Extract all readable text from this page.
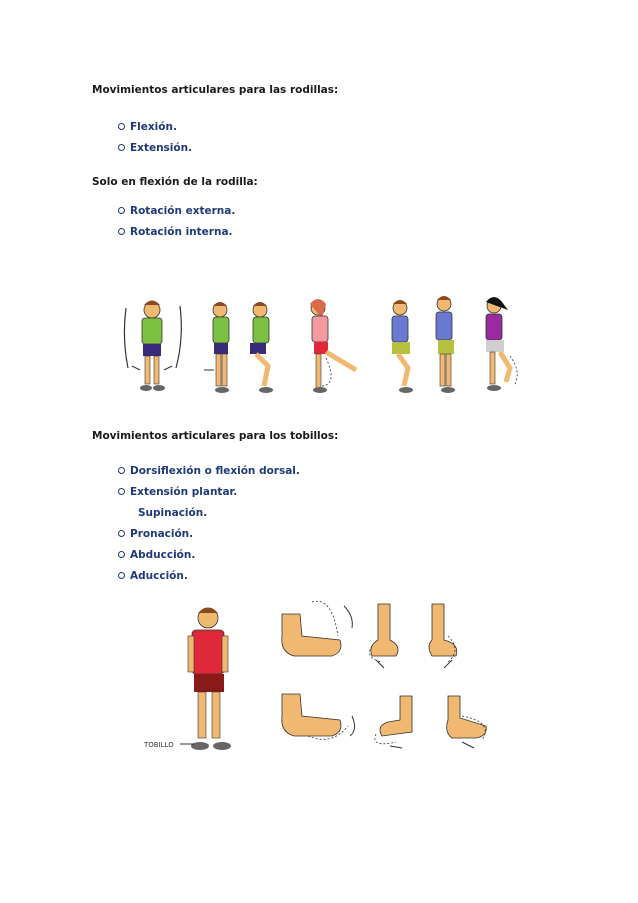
Movimientos articulares para las rodillas:

Flexión.
Extensión.

Solo en flexión de la rodilla:

Rotación externa.
Rotación interna.

Movimientos articulares para los tobillos:

Dorsiflexión o flexión dorsal.
Extensión plantar.
Supinación.
Pronación.
Abducción.
Aducción.
TOBILLO
